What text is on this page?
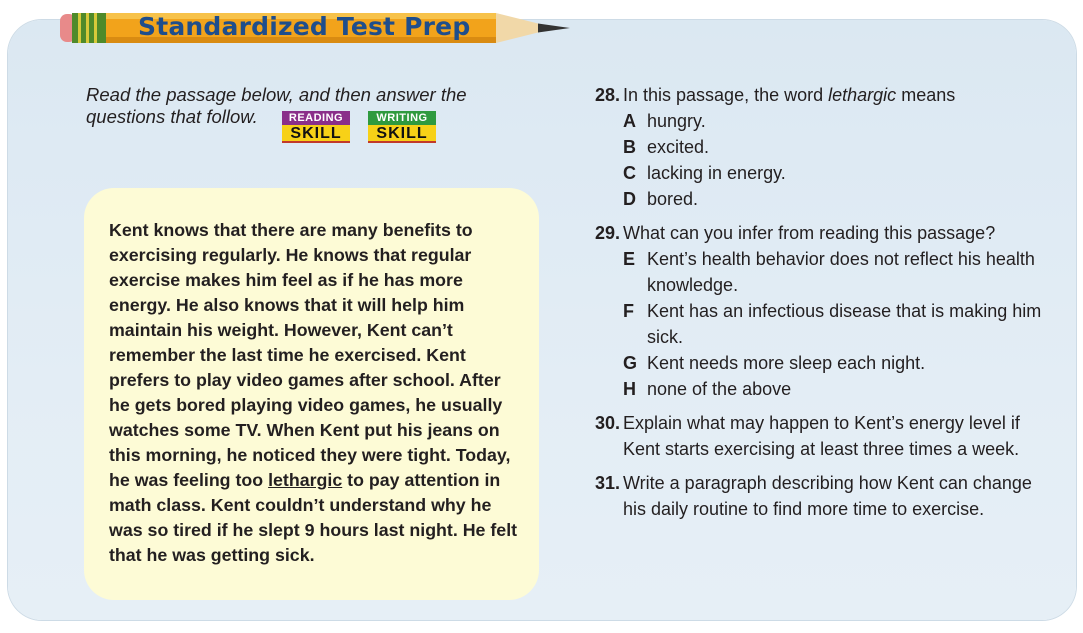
Standardized Test Prep
Read the passage below, and then answer the questions that follow.	READING
SKILL
WRITING
SKILL
Kent knows that there are many benefits to exercising regularly. He knows that regular exercise makes him feel as if he has more energy. He also knows that it will help him maintain his weight. However, Kent can’t remember the last time he exercised. Kent prefers to play video games after school. After he gets bored playing video games, he usually watches some TV. When Kent put his jeans on this morning, he noticed they were tight. Today, he was feeling too lethargic to pay attention in math class. Kent couldn’t understand why he was so tired if he slept 9 hours last night. He felt that he was getting sick.
28. In this passage, the word lethargic means
A hungry.
B excited.
C lacking in energy.
D bored.
29. What can you infer from reading this passage?
E Kent’s health behavior does not reflect his health knowledge.
F Kent has an infectious disease that is making him sick.
G Kent needs more sleep each night.
H none of the above
30. Explain what may happen to Kent’s energy level if Kent starts exercising at least three times a week.
31. Write a paragraph describing how Kent can change his daily routine to find more time to exercise.
